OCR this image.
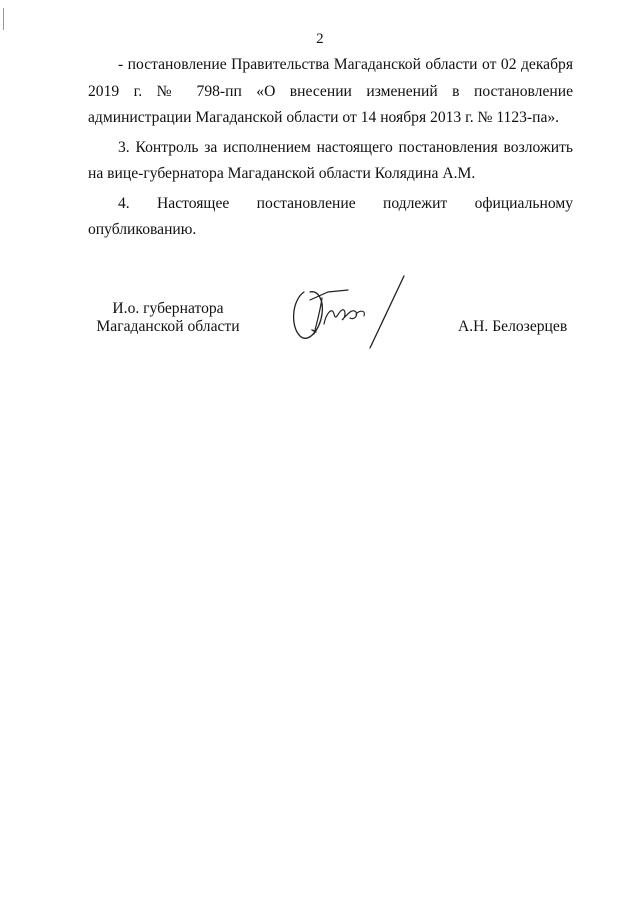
2

- постановление Правительства Магаданской области от 02 декабря 2019 г. № 798-пп «О внесении изменений в постановление администрации Магаданской области от 14 ноября 2013 г. № 1123-па».

3. Контроль за исполнением настоящего постановления возложить на вице-губернатора Магаданской области Колядина А.М.

4. Настоящее постановление подлежит официальному опубликованию.

И.о. губернатора
Магаданской области	А.Н. Белозерцев
